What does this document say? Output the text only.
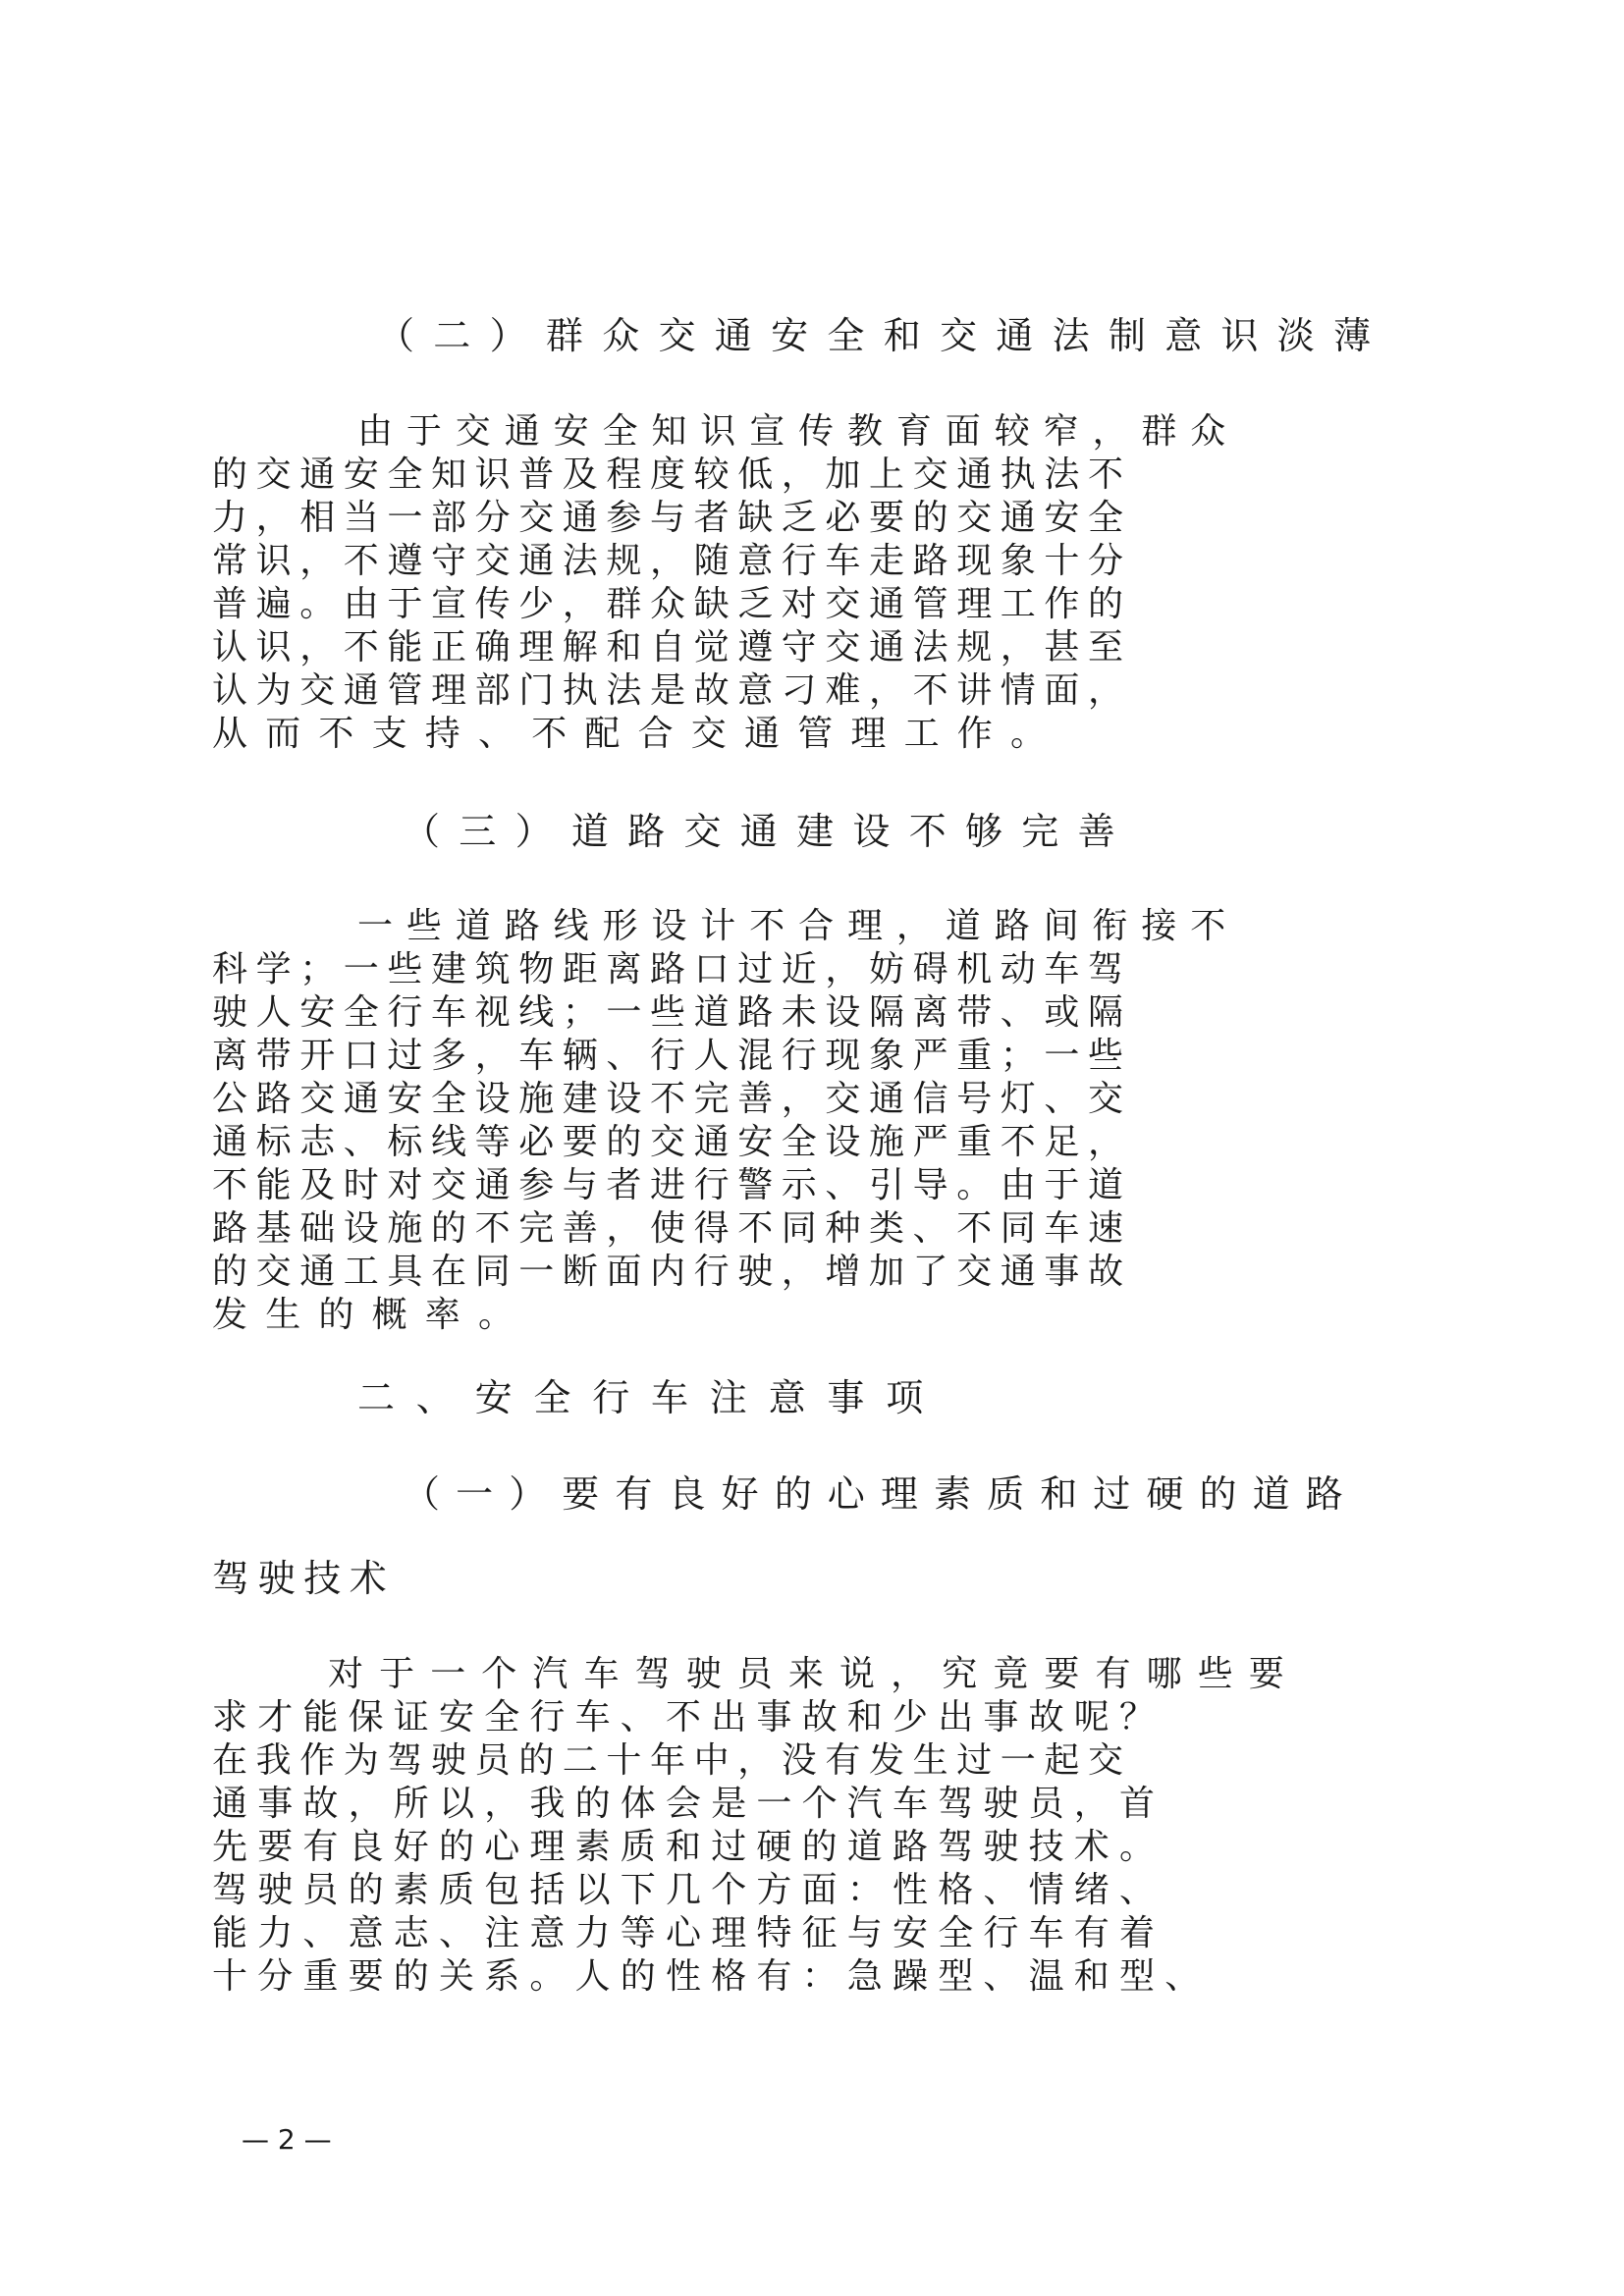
（二）群众交通安全和交通法制意识淡薄
由于交通安全知识宣传教育面较窄，群众
的交通安全知识普及程度较低，加上交通执法不
力，相当一部分交通参与者缺乏必要的交通安全
常识，不遵守交通法规，随意行车走路现象十分
普遍。由于宣传少，群众缺乏对交通管理工作的
认识，不能正确理解和自觉遵守交通法规，甚至
认为交通管理部门执法是故意刁难，不讲情面，
从而不支持、不配合交通管理工作。
（三）道路交通建设不够完善
一些道路线形设计不合理，道路间衔接不
科学；一些建筑物距离路口过近，妨碍机动车驾
驶人安全行车视线；一些道路未设隔离带、或隔
离带开口过多，车辆、行人混行现象严重；一些
公路交通安全设施建设不完善，交通信号灯、交
通标志、标线等必要的交通安全设施严重不足，
不能及时对交通参与者进行警示、引导。由于道
路基础设施的不完善，使得不同种类、不同车速
的交通工具在同一断面内行驶，增加了交通事故
发生的概率。
二、安全行车注意事项
（一）要有良好的心理素质和过硬的道路
驾驶技术
对于一个汽车驾驶员来说，究竟要有哪些要
求才能保证安全行车、不出事故和少出事故呢？
在我作为驾驶员的二十年中，没有发生过一起交
通事故，所以，我的体会是一个汽车驾驶员，首
先要有良好的心理素质和过硬的道路驾驶技术。
驾驶员的素质包括以下几个方面：性格、情绪、
能力、意志、注意力等心理特征与安全行车有着
十分重要的关系。人的性格有：急躁型、温和型、
— 2 —
